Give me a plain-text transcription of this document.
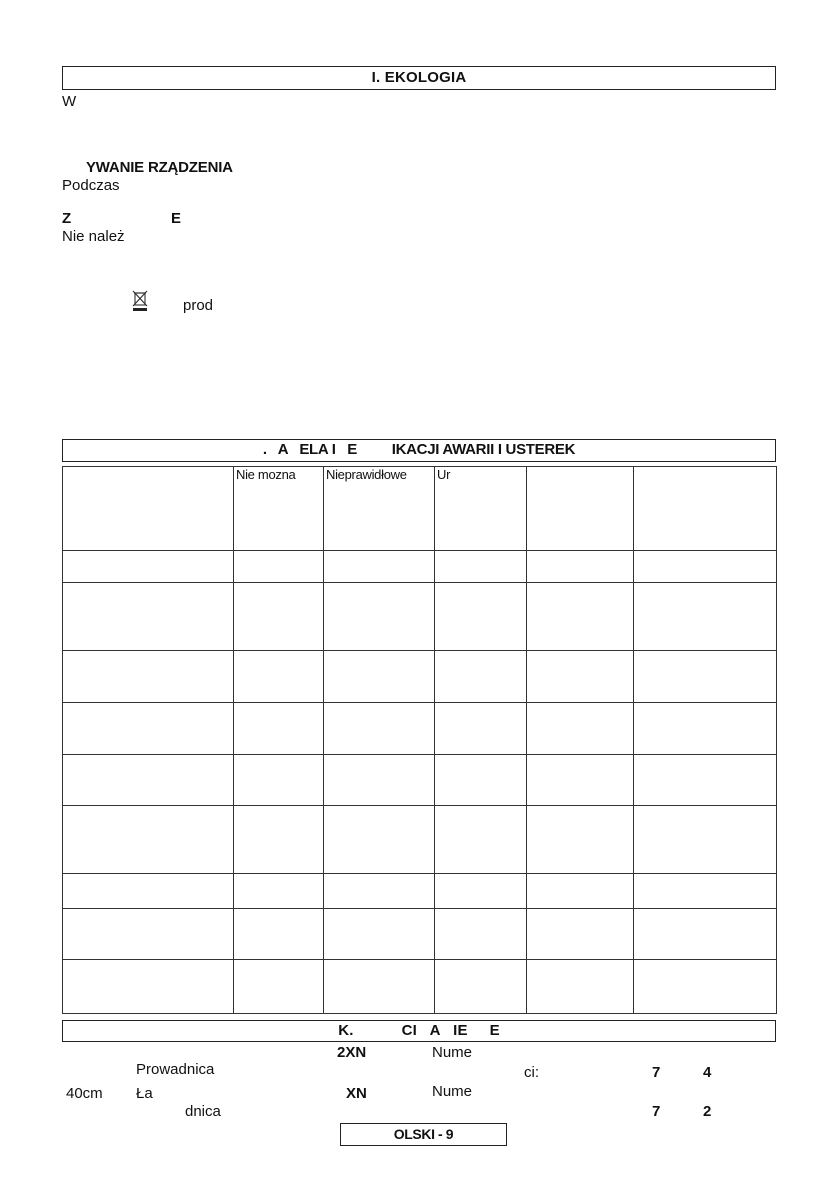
I. EKOLOGIA
W
YWANIE RZĄDZENIA
Podczas
Z	E
Nie należ
prod
.   A   ELA I   E         IKACJI AWARII I USTEREK

	Nie mozna	Nieprawidłowe	Ur		

K.           CI   A   IE     E
Prowadnica
2XN	Nume
ci:	7	4
40cm Ła	XN	Nume
dnica	7	2
OLSKI - 9
